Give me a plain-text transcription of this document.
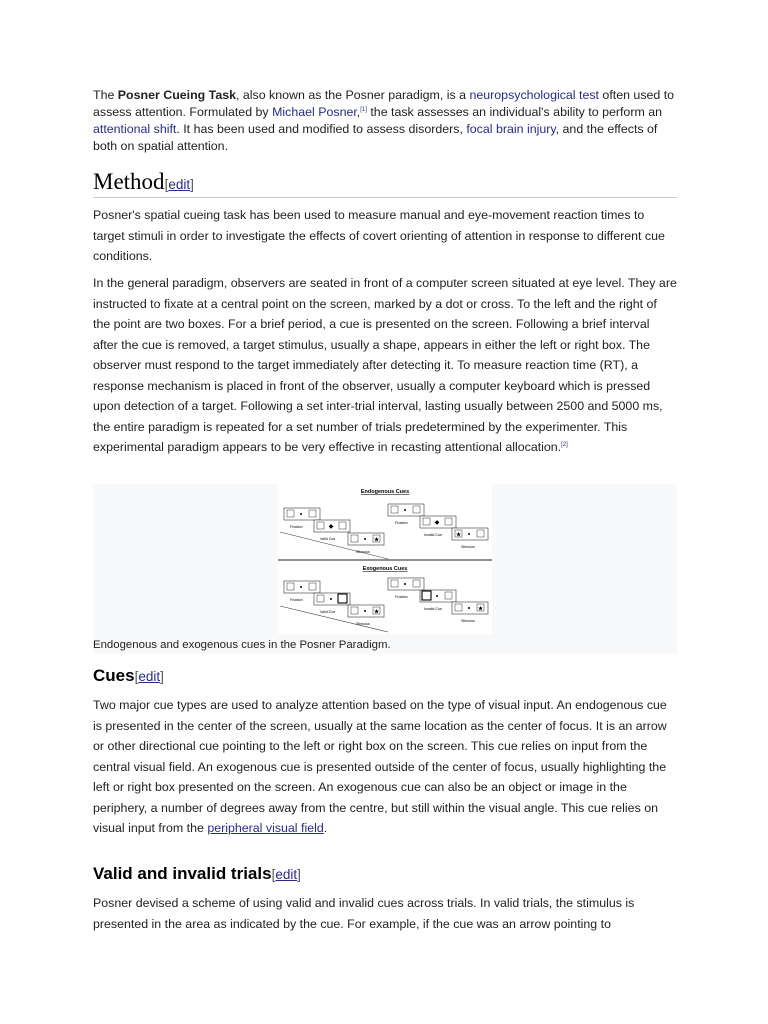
The Posner Cueing Task, also known as the Posner paradigm, is a neuropsychological test often used to assess attention. Formulated by Michael Posner,[1] the task assesses an individual's ability to perform an attentional shift. It has been used and modified to assess disorders, focal brain injury, and the effects of both on spatial attention.

Method[edit]

Posner's spatial cueing task has been used to measure manual and eye-movement reaction times to target stimuli in order to investigate the effects of covert orienting of attention in response to different cue conditions.

In the general paradigm, observers are seated in front of a computer screen situated at eye level. They are instructed to fixate at a central point on the screen, marked by a dot or cross. To the left and the right of the point are two boxes. For a brief period, a cue is presented on the screen. Following a brief interval after the cue is removed, a target stimulus, usually a shape, appears in either the left or right box. The observer must respond to the target immediately after detecting it. To measure reaction time (RT), a response mechanism is placed in front of the observer, usually a computer keyboard which is pressed upon detection of a target. Following a set inter-trial interval, lasting usually between 2500 and 5000 ms, the entire paradigm is repeated for a set number of trials predetermined by the experimenter. This experimental paradigm appears to be very effective in recasting attentional allocation.[2]

Cues[edit]

Two major cue types are used to analyze attention based on the type of visual input. An endogenous cue is presented in the center of the screen, usually at the same location as the center of focus. It is an arrow or other directional cue pointing to the left or right box on the screen. This cue relies on input from the central visual field. An exogenous cue is presented outside of the center of focus, usually highlighting the left or right box presented on the screen. An exogenous cue can also be an object or image in the periphery, a number of degrees away from the centre, but still within the visual angle. This cue relies on visual input from the peripheral visual field.

Valid and invalid trials[edit]

Posner devised a scheme of using valid and invalid cues across trials. In valid trials, the stimulus is presented in the area as indicated by the cue. For example, if the cue was an arrow pointing to

Endogenous Cues
Fixation	◆
Valid Cue	★
Stimulus
Fixation	◆
Invalid Cue ★
Stimulus
Exogenous Cues
Fixation
Valid Cue	★
Stimulus
Fixation
Invalid Cue	★
Stimulus
Endogenous and exogenous cues in the Posner Paradigm.
